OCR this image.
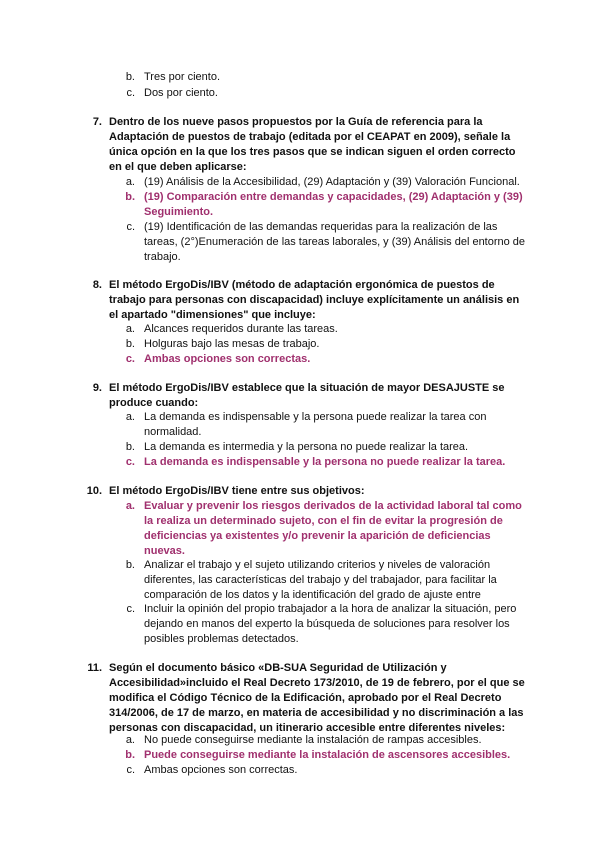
b. Tres por ciento.
c. Dos por ciento.
7. Dentro de los nueve pasos propuestos por la Guía de referencia para la Adaptación de puestos de trabajo (editada por el CEAPAT en 2009), señale la única opción en la que los tres pasos que se indican siguen el orden correcto en el que deben aplicarse:
a. (19) Análisis de la Accesibilidad, (29) Adaptación y (39) Valoración Funcional.
b. (19) Comparación entre demandas y capacidades, (29) Adaptación y (39) Seguimiento.
c. (19) Identificación de las demandas requeridas para la realización de las tareas, (2°)Enumeración de las tareas laborales, y (39) Análisis del entorno de trabajo.
8. El método ErgoDis/IBV (método de adaptación ergonómica de puestos de trabajo para personas con discapacidad) incluye explícitamente un análisis en el apartado "dimensiones" que incluye:
a. Alcances requeridos durante las tareas.
b. Holguras bajo las mesas de trabajo.
c. Ambas opciones son correctas.
9. El método ErgoDis/IBV establece que la situación de mayor DESAJUSTE se produce cuando:
a. La demanda es indispensable y la persona puede realizar la tarea con normalidad.
b. La demanda es intermedia y la persona no puede realizar la tarea.
c. La demanda es indispensable y la persona no puede realizar la tarea.
10. El método ErgoDis/IBV tiene entre sus objetivos:
a. Evaluar y prevenir los riesgos derivados de la actividad laboral tal como la realiza un determinado sujeto, con el fin de evitar la progresión de deficiencias ya existentes y/o prevenir la aparición de deficiencias nuevas.
b. Analizar el trabajo y el sujeto utilizando criterios y niveles de valoración diferentes, las características del trabajo y del trabajador, para facilitar la comparación de los datos y la identificación del grado de ajuste entre
c. Incluir la opinión del propio trabajador a la hora de analizar la situación, pero dejando en manos del experto la búsqueda de soluciones para resolver los posibles problemas detectados.
11. Según el documento básico «DB-SUA Seguridad de Utilización y Accesibilidad»incluido el Real Decreto 173/2010, de 19 de febrero, por el que se modifica el Código Técnico de la Edificación, aprobado por el Real Decreto 314/2006, de 17 de marzo, en materia de accesibilidad y no discriminación a las personas con discapacidad, un itinerario accesible entre diferentes niveles:
a. No puede conseguirse mediante la instalación de rampas accesibles.
b. Puede conseguirse mediante la instalación de ascensores accesibles.
c. Ambas opciones son correctas.
